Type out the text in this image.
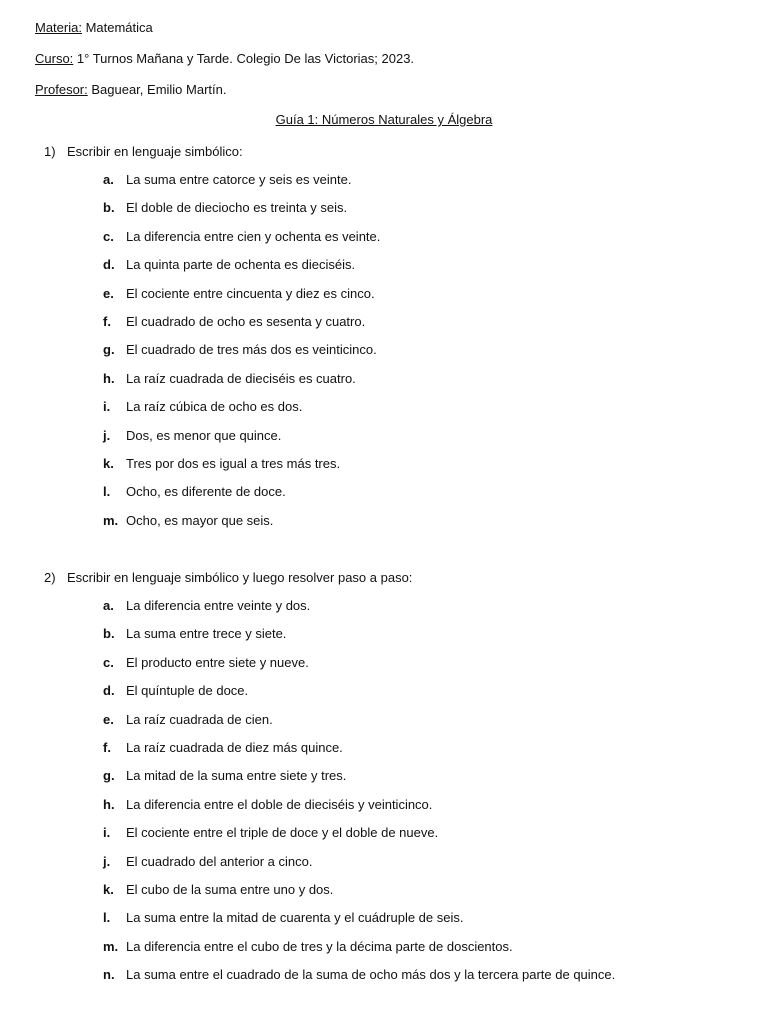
Materia: Matemática
Curso: 1° Turnos Mañana y Tarde. Colegio De las Victorias; 2023.
Profesor: Baguear, Emilio Martín.
Guía 1: Números Naturales y Álgebra
1) Escribir en lenguaje simbólico:
a. La suma entre catorce y seis es veinte.
b. El doble de dieciocho es treinta y seis.
c. La diferencia entre cien y ochenta es veinte.
d. La quinta parte de ochenta es dieciséis.
e. El cociente entre cincuenta y diez es cinco.
f.	El cuadrado de ocho es sesenta y cuatro.
g. El cuadrado de tres más dos es veinticinco.
h. La raíz cuadrada de dieciséis es cuatro.
i.	La raíz cúbica de ocho es dos.
j.	Dos, es menor que quince.
k. Tres por dos es igual a tres más tres.
l.	Ocho, es diferente de doce.
m. Ocho, es mayor que seis.
2) Escribir en lenguaje simbólico y luego resolver paso a paso:
a. La diferencia entre veinte y dos.
b. La suma entre trece y siete.
c. El producto entre siete y nueve.
d. El quíntuple de doce.
e. La raíz cuadrada de cien.
f.	La raíz cuadrada de diez más quince.
g. La mitad de la suma entre siete y tres.
h. La diferencia entre el doble de dieciséis y veinticinco.
i.	El cociente entre el triple de doce y el doble de nueve.
j.	El cuadrado del anterior a cinco.
k. El cubo de la suma entre uno y dos.
l.	La suma entre la mitad de cuarenta y el cuádruple de seis.
m. La diferencia entre el cubo de tres y la décima parte de doscientos.
n. La suma entre el cuadrado de la suma de ocho más dos y la tercera parte de quince.
